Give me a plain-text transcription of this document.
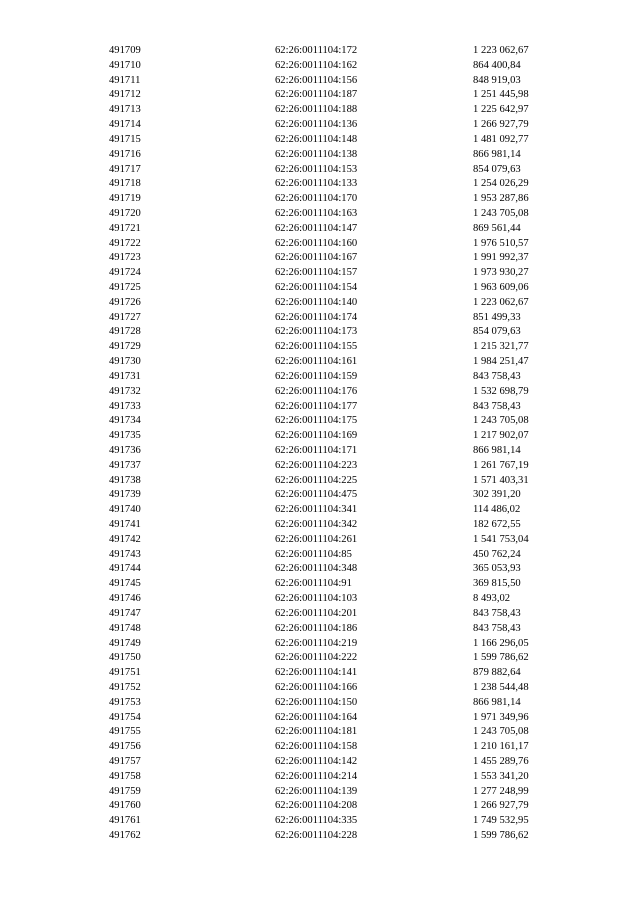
491709	62:26:0011104:172	1 223 062,67
491710	62:26:0011104:162	864 400,84
491711	62:26:0011104:156	848 919,03
491712	62:26:0011104:187	1 251 445,98
491713	62:26:0011104:188	1 225 642,97
491714	62:26:0011104:136	1 266 927,79
491715	62:26:0011104:148	1 481 092,77
491716	62:26:0011104:138	866 981,14
491717	62:26:0011104:153	854 079,63
491718	62:26:0011104:133	1 254 026,29
491719	62:26:0011104:170	1 953 287,86
491720	62:26:0011104:163	1 243 705,08
491721	62:26:0011104:147	869 561,44
491722	62:26:0011104:160	1 976 510,57
491723	62:26:0011104:167	1 991 992,37
491724	62:26:0011104:157	1 973 930,27
491725	62:26:0011104:154	1 963 609,06
491726	62:26:0011104:140	1 223 062,67
491727	62:26:0011104:174	851 499,33
491728	62:26:0011104:173	854 079,63
491729	62:26:0011104:155	1 215 321,77
491730	62:26:0011104:161	1 984 251,47
491731	62:26:0011104:159	843 758,43
491732	62:26:0011104:176	1 532 698,79
491733	62:26:0011104:177	843 758,43
491734	62:26:0011104:175	1 243 705,08
491735	62:26:0011104:169	1 217 902,07
491736	62:26:0011104:171	866 981,14
491737	62:26:0011104:223	1 261 767,19
491738	62:26:0011104:225	1 571 403,31
491739	62:26:0011104:475	302 391,20
491740	62:26:0011104:341	114 486,02
491741	62:26:0011104:342	182 672,55
491742	62:26:0011104:261	1 541 753,04
491743	62:26:0011104:85	450 762,24
491744	62:26:0011104:348	365 053,93
491745	62:26:0011104:91	369 815,50
491746	62:26:0011104:103	8 493,02
491747	62:26:0011104:201	843 758,43
491748	62:26:0011104:186	843 758,43
491749	62:26:0011104:219	1 166 296,05
491750	62:26:0011104:222	1 599 786,62
491751	62:26:0011104:141	879 882,64
491752	62:26:0011104:166	1 238 544,48
491753	62:26:0011104:150	866 981,14
491754	62:26:0011104:164	1 971 349,96
491755	62:26:0011104:181	1 243 705,08
491756	62:26:0011104:158	1 210 161,17
491757	62:26:0011104:142	1 455 289,76
491758	62:26:0011104:214	1 553 341,20
491759	62:26:0011104:139	1 277 248,99
491760	62:26:0011104:208	1 266 927,79
491761	62:26:0011104:335	1 749 532,95
491762	62:26:0011104:228	1 599 786,62
